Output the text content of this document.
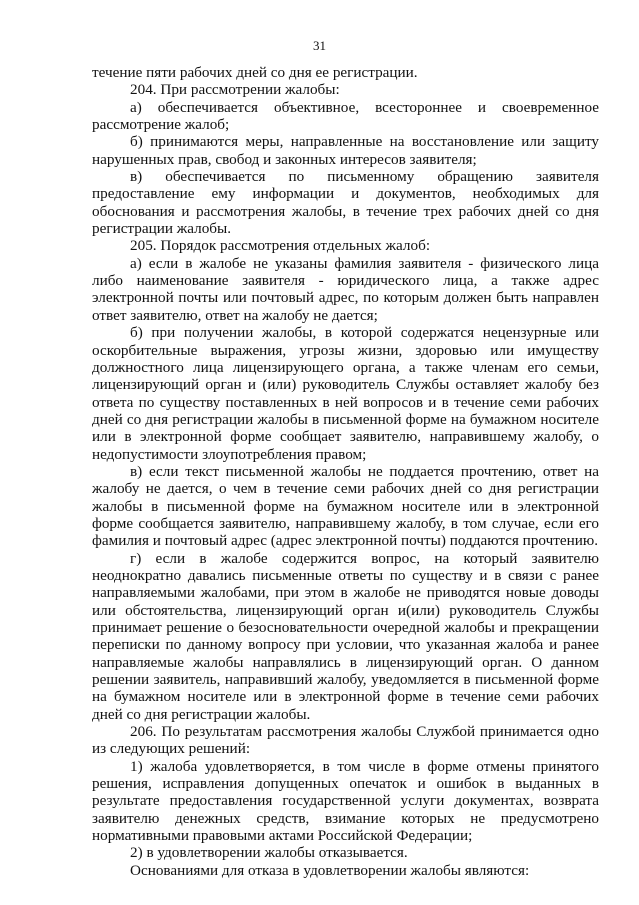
31

течение пяти рабочих дней со дня ее регистрации.

204. При рассмотрении жалобы:

а) обеспечивается объективное, всестороннее и своевременное рассмотрение жалоб;

б) принимаются меры, направленные на восстановление или защиту нарушенных прав, свобод и законных интересов заявителя;

в) обеспечивается по письменному обращению заявителя предоставление ему информации и документов, необходимых для обоснования и рассмотрения жалобы, в течение трех рабочих дней со дня регистрации жалобы.

205. Порядок рассмотрения отдельных жалоб:

а) если в жалобе не указаны фамилия заявителя - физического лица либо наименование заявителя - юридического лица, а также адрес электронной почты или почтовый адрес, по которым должен быть направлен ответ заявителю, ответ на жалобу не дается;

б) при получении жалобы, в которой содержатся нецензурные или оскорбительные выражения, угрозы жизни, здоровью или имуществу должностного лица лицензирующего органа, а также членам его семьи, лицензирующий орган и (или) руководитель Службы оставляет жалобу без ответа по существу поставленных в ней вопросов и в течение семи рабочих дней со дня регистрации жалобы в письменной форме на бумажном носителе или в электронной форме сообщает заявителю, направившему жалобу, о недопустимости злоупотребления правом;

в) если текст письменной жалобы не поддается прочтению, ответ на жалобу не дается, о чем в течение семи рабочих дней со дня регистрации жалобы в письменной форме на бумажном носителе или в электронной форме сообщается заявителю, направившему жалобу, в том случае, если его фамилия и почтовый адрес (адрес электронной почты) поддаются прочтению.

г) если в жалобе содержится вопрос, на который заявителю неоднократно давались письменные ответы по существу и в связи с ранее направляемыми жалобами, при этом в жалобе не приводятся новые доводы или обстоятельства, лицензирующий орган и(или) руководитель Службы принимает решение о безосновательности очередной жалобы и прекращении переписки по данному вопросу при условии, что указанная жалоба и ранее направляемые жалобы направлялись в лицензирующий орган. О данном решении заявитель, направивший жалобу, уведомляется в письменной форме на бумажном носителе или в электронной форме в течение семи рабочих дней со дня регистрации жалобы.

206. По результатам рассмотрения жалобы Службой принимается одно из следующих решений:

1) жалоба удовлетворяется, в том числе в форме отмены принятого решения, исправления допущенных опечаток и ошибок в выданных в результате предоставления государственной услуги документах, возврата заявителю денежных средств, взимание которых не предусмотрено нормативными правовыми актами Российской Федерации;

2) в удовлетворении жалобы отказывается.

Основаниями для отказа в удовлетворении жалобы являются:
